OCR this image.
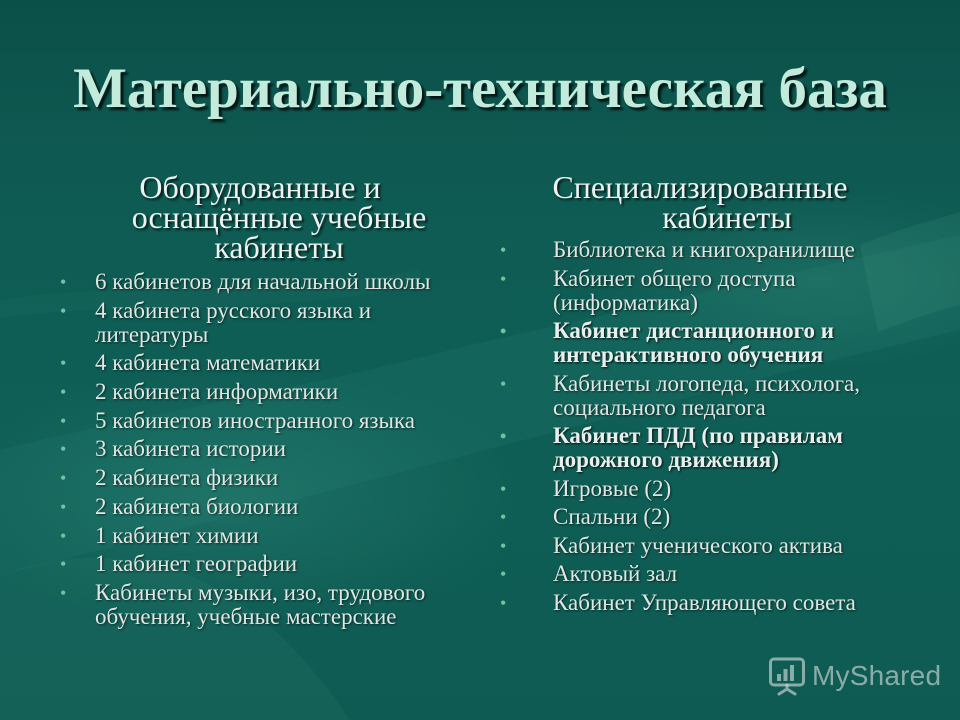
Материально-техническая база
Оборудованные и оснащённые учебные кабинеты
• 6 кабинетов для начальной школы
• 4 кабинета русского языка и литературы
• 4 кабинета математики
• 2 кабинета информатики
• 5 кабинетов иностранного языка
• 3 кабинета истории
• 2 кабинета физики
• 2 кабинета биологии
• 1 кабинет химии
• 1 кабинет географии
• Кабинеты музыки, изо, трудового обучения, учебные мастерские
Специализированные кабинеты
• Библиотека и книгохранилище
• Кабинет общего доступа (информатика)
• Кабинет дистанционного и интерактивного обучения
• Кабинеты логопеда, психолога, социального педагога
• Кабинет ПДД (по правилам дорожного движения)
• Игровые (2)
• Спальни (2)
• Кабинет ученического актива
• Актовый зал
• Кабинет Управляющего совета
MyShared
